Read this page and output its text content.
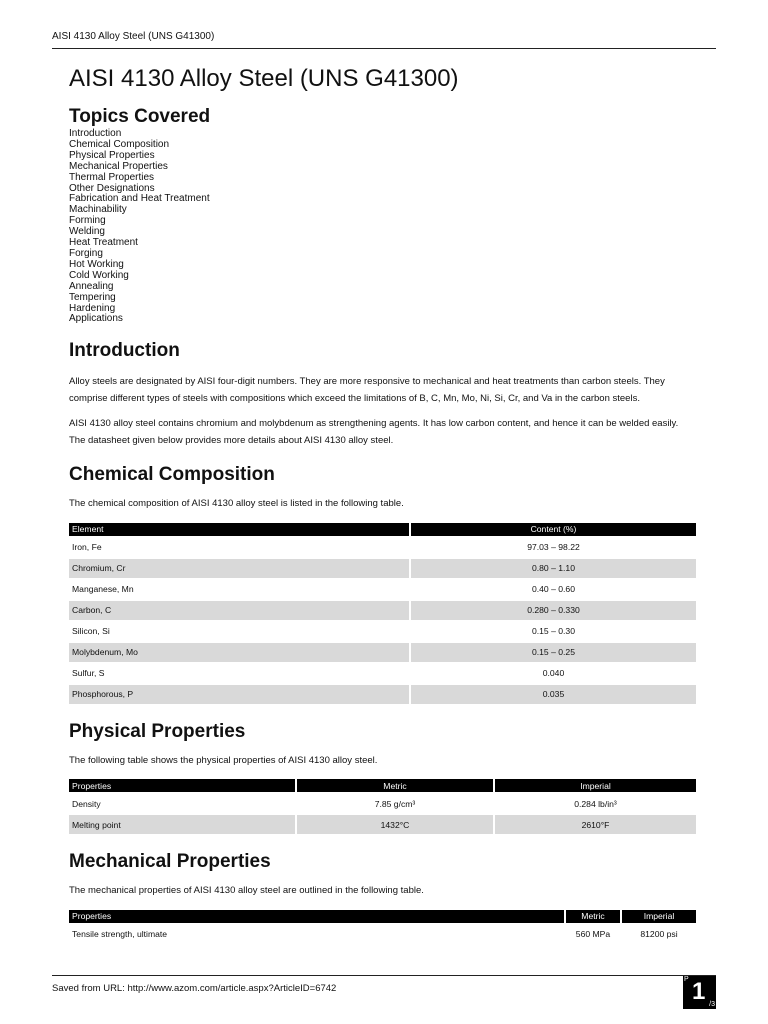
AISI 4130 Alloy Steel (UNS G41300)
AISI 4130 Alloy Steel (UNS G41300)
Topics Covered
Introduction
Chemical Composition
Physical Properties
Mechanical Properties
Thermal Properties
Other Designations
Fabrication and Heat Treatment
Machinability
Forming
Welding
Heat Treatment
Forging
Hot Working
Cold Working
Annealing
Tempering
Hardening
Applications
Introduction

Alloy steels are designated by AISI four-digit numbers. They are more responsive to mechanical and heat treatments than carbon steels. They comprise different types of steels with compositions which exceed the limitations of B, C, Mn, Mo, Ni, Si, Cr, and Va in the carbon steels.

AISI 4130 alloy steel contains chromium and molybdenum as strengthening agents. It has low carbon content, and hence it can be welded easily. The datasheet given below provides more details about AISI 4130 alloy steel.

Chemical Composition

The chemical composition of AISI 4130 alloy steel is listed in the following table.

Element	Content (%)
Iron, Fe	97.03 – 98.22
Chromium, Cr	0.80 – 1.10
Manganese, Mn	0.40 – 0.60
Carbon, C	0.280 – 0.330
Silicon, Si	0.15 – 0.30
Molybdenum, Mo	0.15 – 0.25
Sulfur, S	0.040
Phosphorous, P	0.035
Physical Properties

The following table shows the physical properties of AISI 4130 alloy steel.

Properties	Metric	Imperial
Density	7.85 g/cm³	0.284 lb/in³
Melting point	1432°C	2610°F
Mechanical Properties

The mechanical properties of AISI 4130 alloy steel are outlined in the following table.

Properties	Metric	Imperial
Tensile strength, ultimate	560 MPa	81200 psi
Saved from URL: http://www.azom.com/article.aspx?ArticleID=6742
P 1 /3
